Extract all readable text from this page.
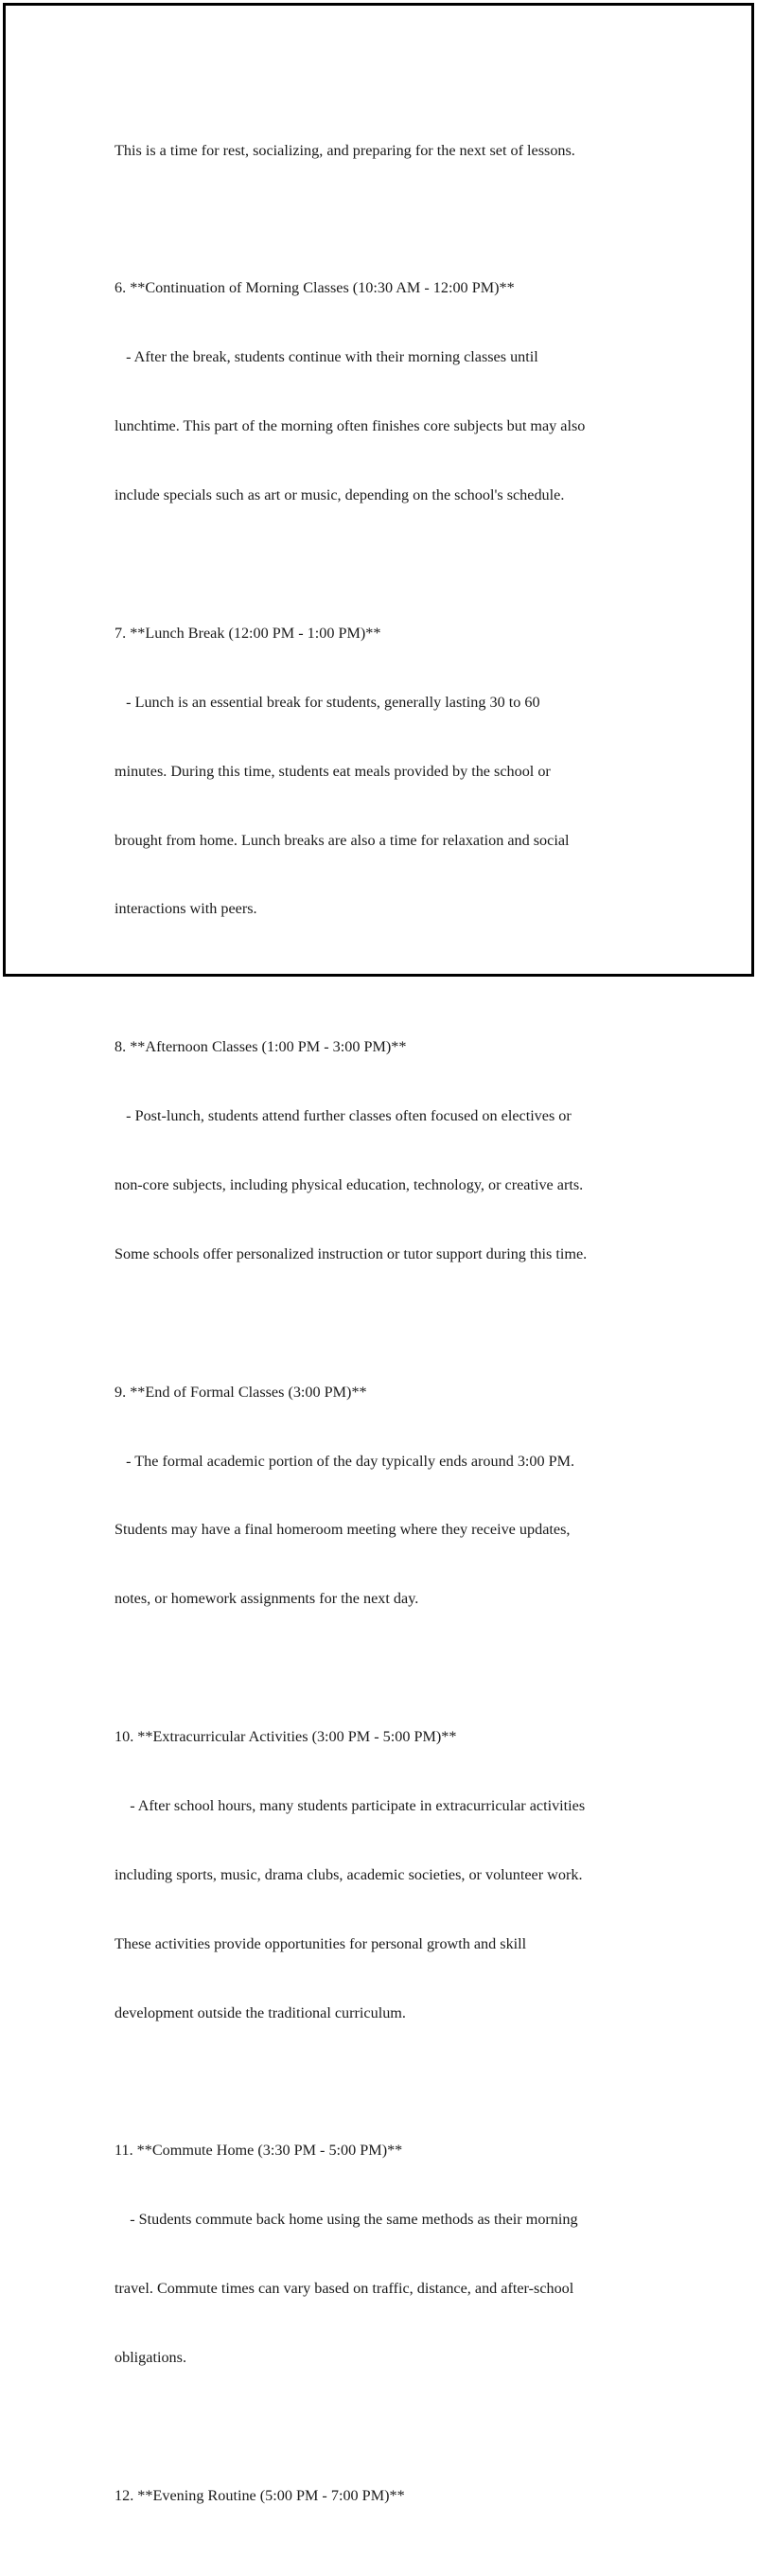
This is a time for rest, socializing, and preparing for the next set of lessons.

6. **Continuation of Morning Classes (10:30 AM - 12:00 PM)**

- After the break, students continue with their morning classes until

lunchtime. This part of the morning often finishes core subjects but may also

include specials such as art or music, depending on the school's schedule.

7. **Lunch Break (12:00 PM - 1:00 PM)**

- Lunch is an essential break for students, generally lasting 30 to 60

minutes. During this time, students eat meals provided by the school or

brought from home. Lunch breaks are also a time for relaxation and social

interactions with peers.

8. **Afternoon Classes (1:00 PM - 3:00 PM)**

- Post-lunch, students attend further classes often focused on electives or

non-core subjects, including physical education, technology, or creative arts.

Some schools offer personalized instruction or tutor support during this time.

9. **End of Formal Classes (3:00 PM)**

- The formal academic portion of the day typically ends around 3:00 PM.

Students may have a final homeroom meeting where they receive updates,

notes, or homework assignments for the next day.

10. **Extracurricular Activities (3:00 PM - 5:00 PM)**

- After school hours, many students participate in extracurricular activities

including sports, music, drama clubs, academic societies, or volunteer work.

These activities provide opportunities for personal growth and skill

development outside the traditional curriculum.

11. **Commute Home (3:30 PM - 5:00 PM)**

- Students commute back home using the same methods as their morning

travel. Commute times can vary based on traffic, distance, and after-school

obligations.

12. **Evening Routine (5:00 PM - 7:00 PM)**
